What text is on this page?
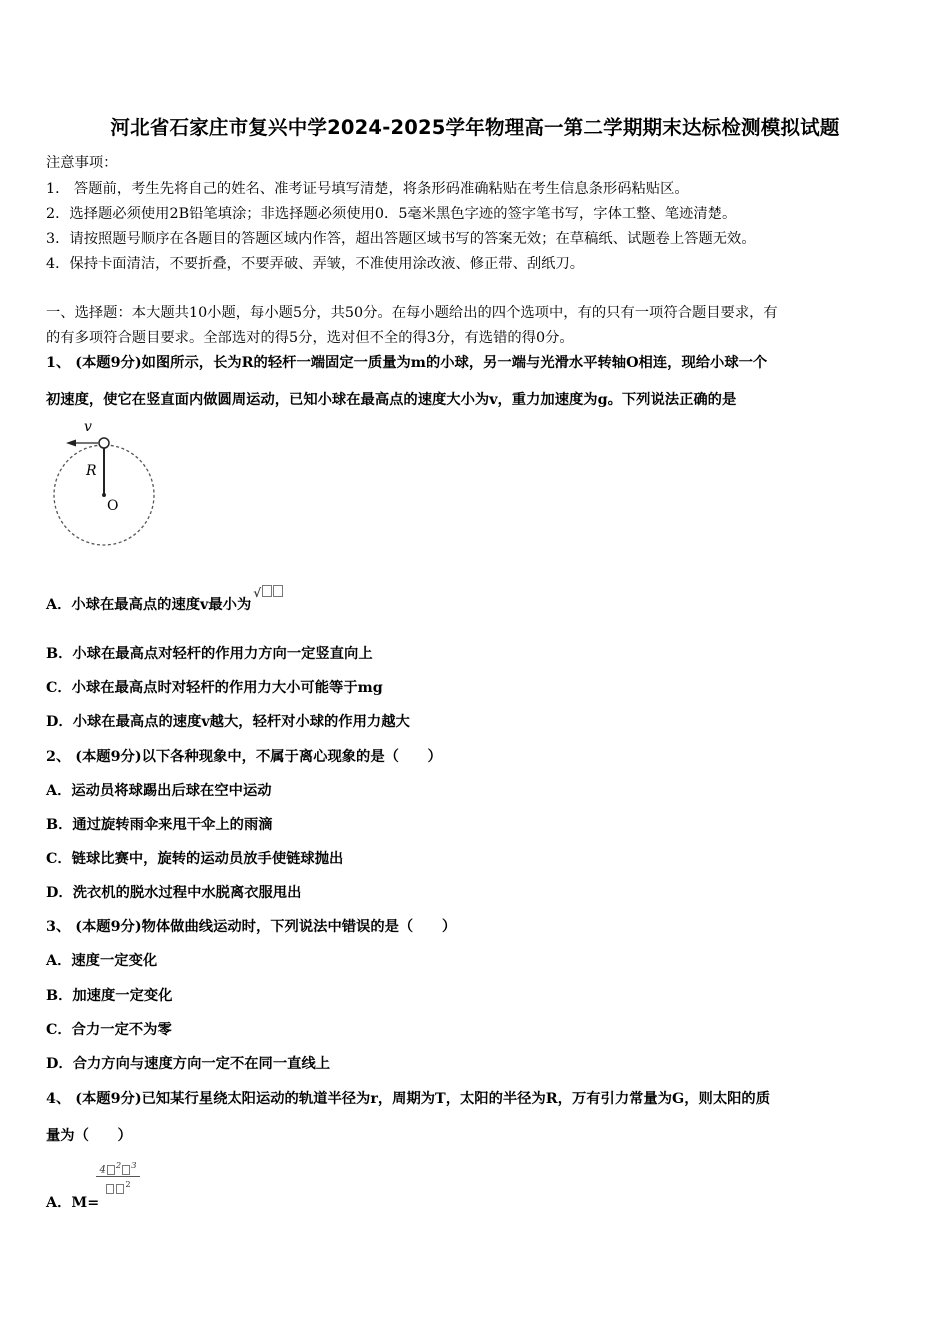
河北省石家庄市复兴中学2024-2025学年物理高一第二学期期末达标检测模拟试题
注意事项：
1． 答题前，考生先将自己的姓名、准考证号填写清楚，将条形码准确粘贴在考生信息条形码粘贴区。
2．选择题必须使用2B铅笔填涂；非选择题必须使用0．5毫米黑色字迹的签字笔书写，字体工整、笔迹清楚。
3．请按照题号顺序在各题目的答题区域内作答，超出答题区域书写的答案无效；在草稿纸、试题卷上答题无效。
4．保持卡面清洁，不要折叠，不要弄破、弄皱，不准使用涂改液、修正带、刮纸刀。
一、选择题：本大题共10小题，每小题5分，共50分。在每小题给出的四个选项中，有的只有一项符合题目要求，有
的有多项符合题目要求。全部选对的得5分，选对但不全的得3分，有选错的得0分。
1、 (本题9分)如图所示，长为R的轻杆一端固定一质量为m的小球，另一端与光滑水平转轴O相连，现给小球一个
初速度，使它在竖直面内做圆周运动，已知小球在最高点的速度大小为v，重力加速度为g。下列说法正确的是
v
R
O
A．小球在最高点的速度v最小为√
B．小球在最高点对轻杆的作用力方向一定竖直向上
C．小球在最高点时对轻杆的作用力大小可能等于mg
D．小球在最高点的速度v越大，轻杆对小球的作用力越大
2、 (本题9分)以下各种现象中，不属于离心现象的是（　　）
A．运动员将球踢出后球在空中运动
B．通过旋转雨伞来甩干伞上的雨滴
C．链球比赛中，旋转的运动员放手使链球抛出
D．洗衣机的脱水过程中水脱离衣服甩出
3、 (本题9分)物体做曲线运动时，下列说法中错误的是（　　）
A．速度一定变化
B．加速度一定变化
C．合力一定不为零
D．合力方向与速度方向一定不在同一直线上
4、 (本题9分)已知某行星绕太阳运动的轨道半径为r，周期为T，太阳的半径为R，万有引力常量为G，则太阳的质
量为（　　）
$\frac{4 ^2 ^3}{^2}$
A．M=
